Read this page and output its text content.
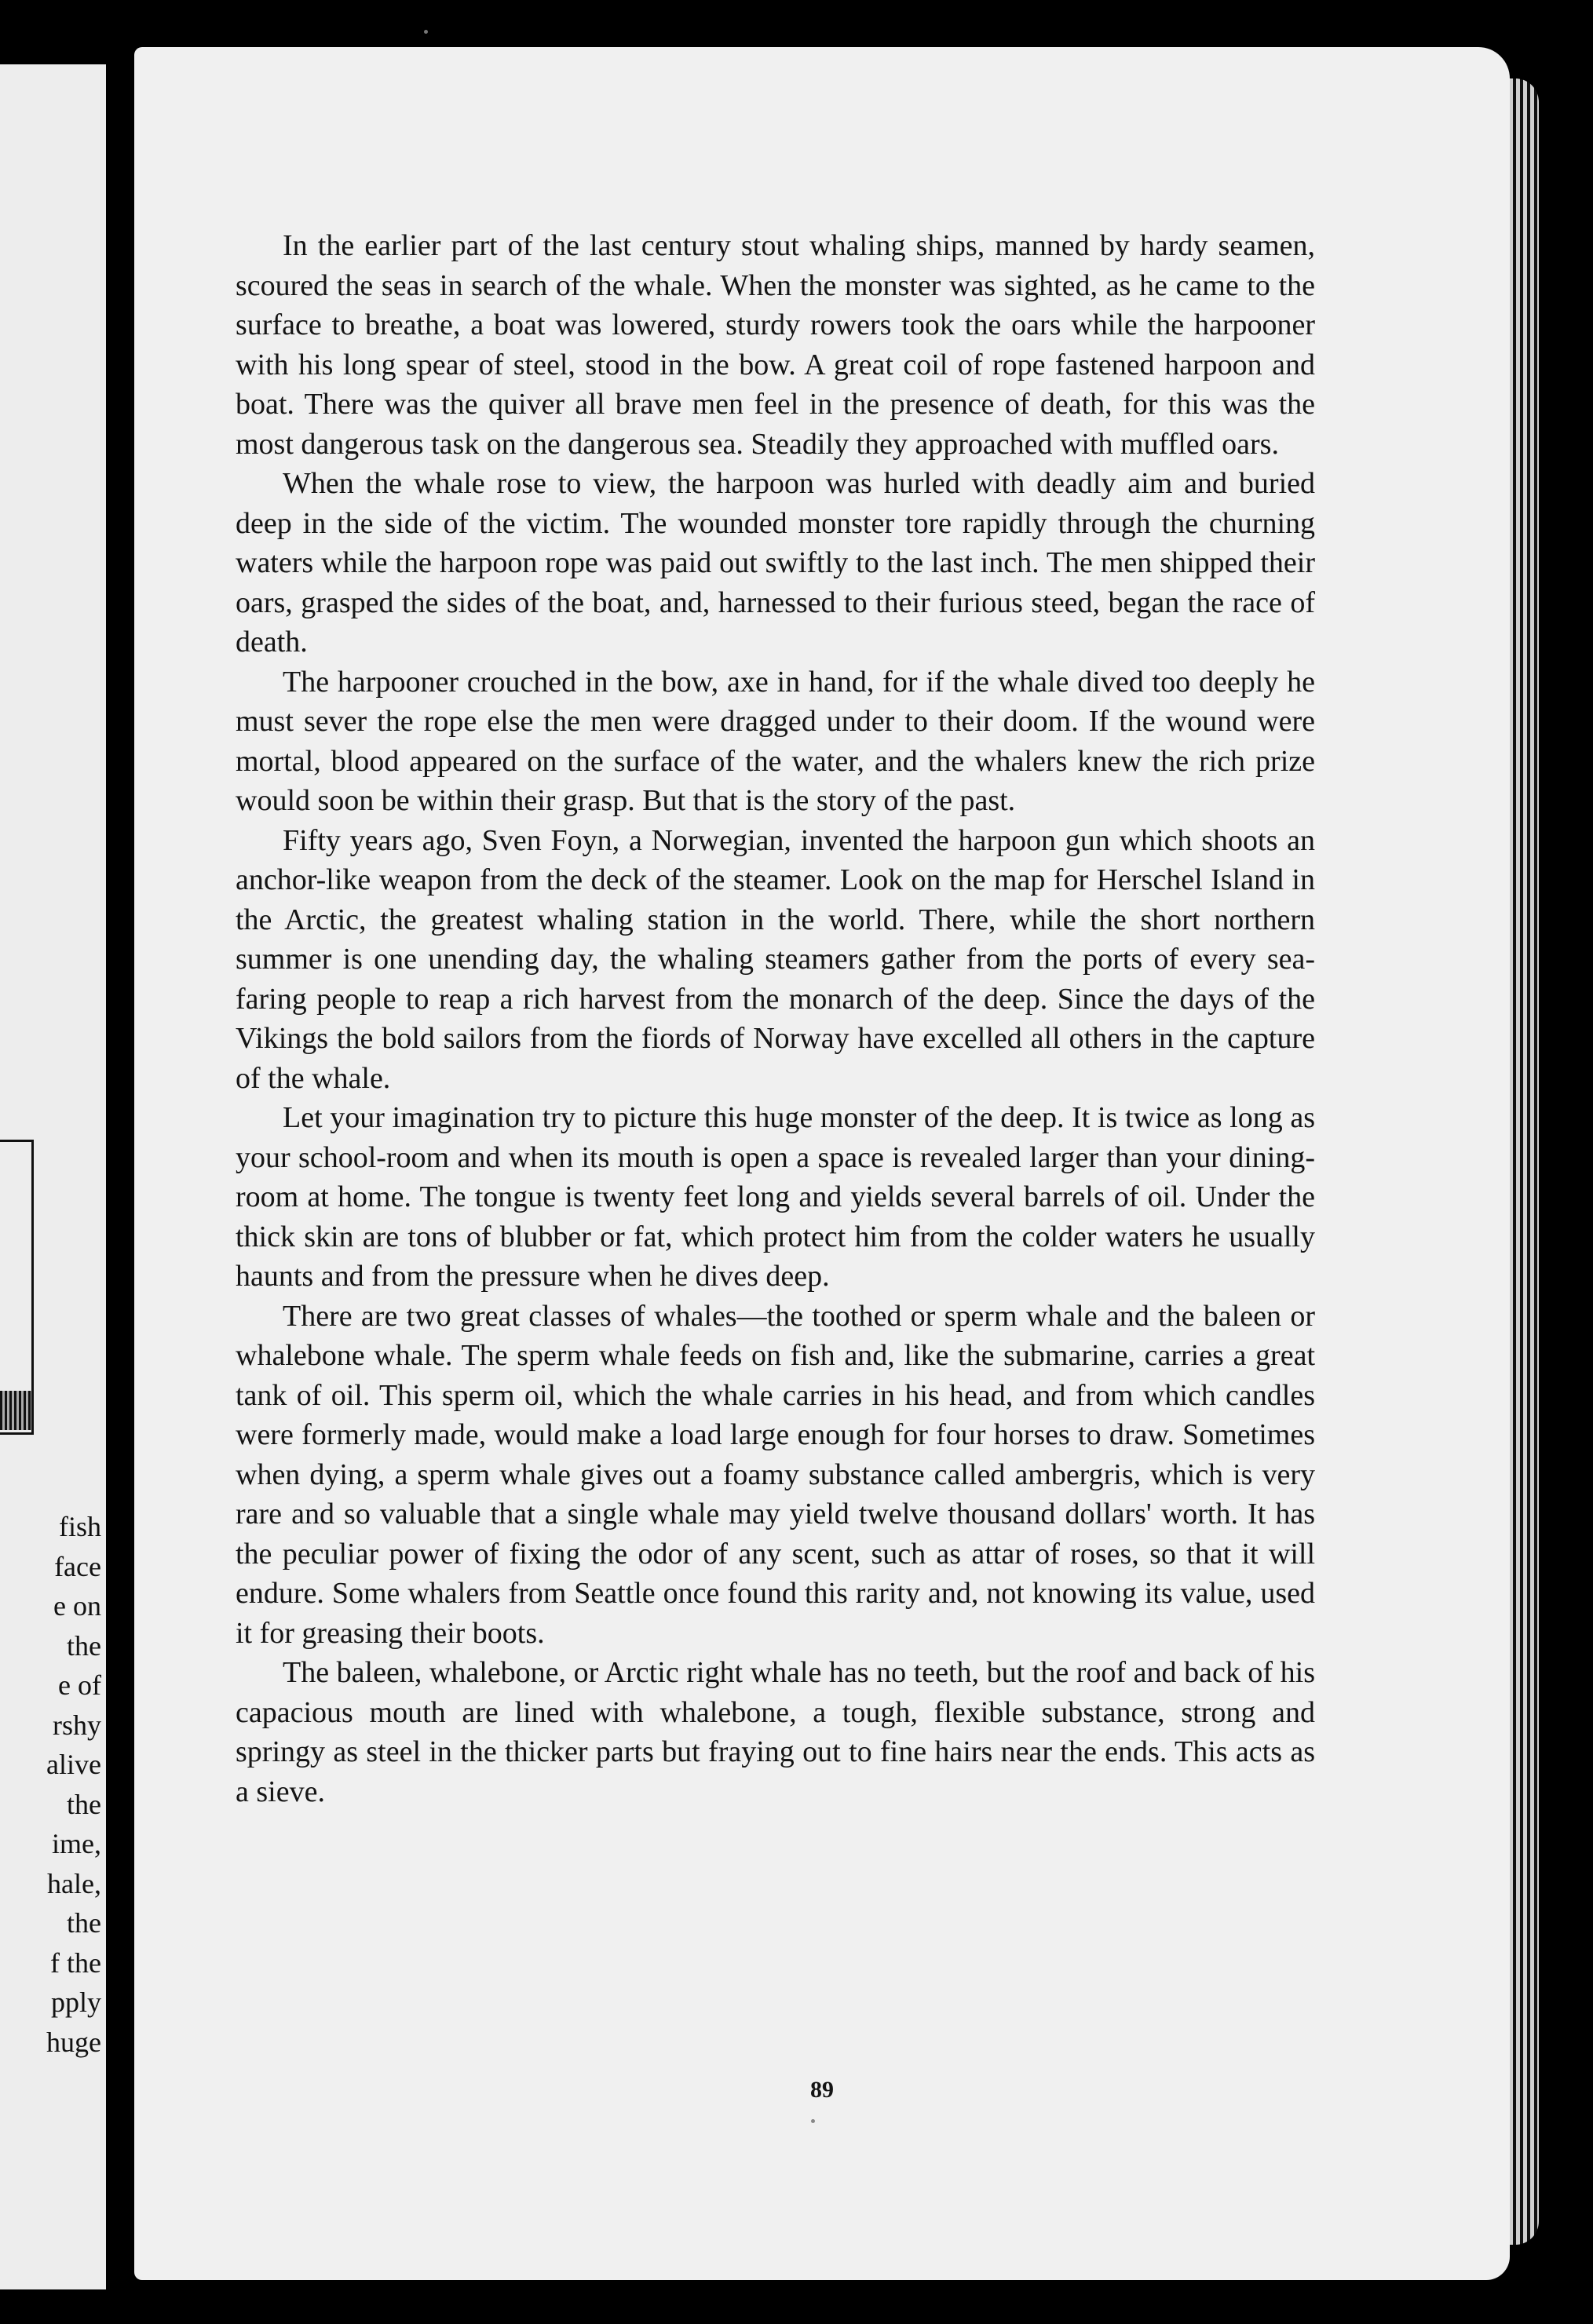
fish
face
e on
the
e of
rshy
alive
the
ime,
hale,
the
f the
pply
huge

In the earlier part of the last century stout whaling ships, manned by hardy seamen, scoured the seas in search of the whale. When the monster was sighted, as he came to the surface to breathe, a boat was lowered, sturdy rowers took the oars while the harpooner with his long spear of steel, stood in the bow. A great coil of rope fastened harpoon and boat. There was the quiver all brave men feel in the presence of death, for this was the most dangerous task on the dangerous sea. Steadily they approached with muffled oars.

When the whale rose to view, the harpoon was hurled with deadly aim and buried deep in the side of the victim. The wounded monster tore rapidly through the churning waters while the harpoon rope was paid out swiftly to the last inch. The men shipped their oars, grasped the sides of the boat, and, harnessed to their furious steed, began the race of death.

The harpooner crouched in the bow, axe in hand, for if the whale dived too deeply he must sever the rope else the men were dragged under to their doom. If the wound were mortal, blood appeared on the surface of the water, and the whalers knew the rich prize would soon be within their grasp. But that is the story of the past.

Fifty years ago, Sven Foyn, a Norwegian, invented the harpoon gun which shoots an anchor-like weapon from the deck of the steamer. Look on the map for Herschel Island in the Arctic, the greatest whaling station in the world. There, while the short northern summer is one unending day, the whaling steamers gather from the ports of every sea-faring people to reap a rich harvest from the monarch of the deep. Since the days of the Vikings the bold sailors from the fiords of Norway have excelled all others in the capture of the whale.

Let your imagination try to picture this huge monster of the deep. It is twice as long as your school-room and when its mouth is open a space is revealed larger than your dining-room at home. The tongue is twenty feet long and yields several barrels of oil. Under the thick skin are tons of blubber or fat, which protect him from the colder waters he usually haunts and from the pressure when he dives deep.

There are two great classes of whales—the toothed or sperm whale and the baleen or whalebone whale. The sperm whale feeds on fish and, like the submarine, carries a great tank of oil. This sperm oil, which the whale carries in his head, and from which candles were formerly made, would make a load large enough for four horses to draw. Sometimes when dying, a sperm whale gives out a foamy substance called ambergris, which is very rare and so valuable that a single whale may yield twelve thousand dollars' worth. It has the peculiar power of fixing the odor of any scent, such as attar of roses, so that it will endure. Some whalers from Seattle once found this rarity and, not knowing its value, used it for greasing their boots.

The baleen, whalebone, or Arctic right whale has no teeth, but the roof and back of his capacious mouth are lined with whalebone, a tough, flexible substance, strong and springy as steel in the thicker parts but fraying out to fine hairs near the ends. This acts as a sieve.

89
